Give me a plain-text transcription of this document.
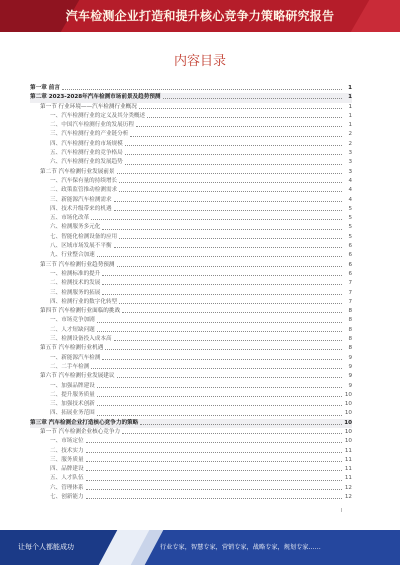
汽车检测企业打造和提升核心竞争力策略研究报告
内容目录
第一章 前言	1
第二章 2023-2028年汽车检测市场前景及趋势预测	1
第一节 行业环境——汽车检测行业概况	1
一、汽车检测行业的定义及其分类概述	1
二、中国汽车检测行业的发展历程	1
三、汽车检测行业的产业链分析	2
四、汽车检测行业的市场规模	2
五、汽车检测行业的竞争格局	3
六、汽车检测行业的发展趋势	3
第二节 汽车检测行业发展前景	3
一、汽车保有量的持续增长	4
二、政策监管推动检测需求	4
三、新能源汽车检测需求	4
四、技术升级带来的机遇	5
五、市场化改革	5
六、检测服务多元化	5
七、智能化检测设备的应用	5
八、区域市场发展不平衡	6
九、行业整合加速	6
第三节 汽车检测行业趋势预测	6
一、检测标准的提升	6
二、检测技术的发展	7
三、检测服务的拓展	7
四、检测行业的数字化转型	7
第四节 汽车检测行业面临的挑战	8
一、市场竞争加剧	8
二、人才短缺问题	8
三、检测设备投入成本高	8
第五节 汽车检测行业机遇	8
一、新能源汽车检测	9
二、二手车检测	9
第六节 汽车检测行业发展建议	9
一、加强品牌建设	9
二、提升服务质量	10
三、加强技术创新	10
四、拓展业务范围	10
第三章 汽车检测企业打造核心竞争力的策略	10
第一节 汽车检测企业核心竞争力	10
一、市场定位	10
二、技术实力	11
三、服务质量	11
四、品牌建设	11
五、人才队伍	11
六、管理体系	12
七、创新能力	12
I
让每个人都能成功	行业专家，智慧专家，营销专家，战略专家，规划专家……
